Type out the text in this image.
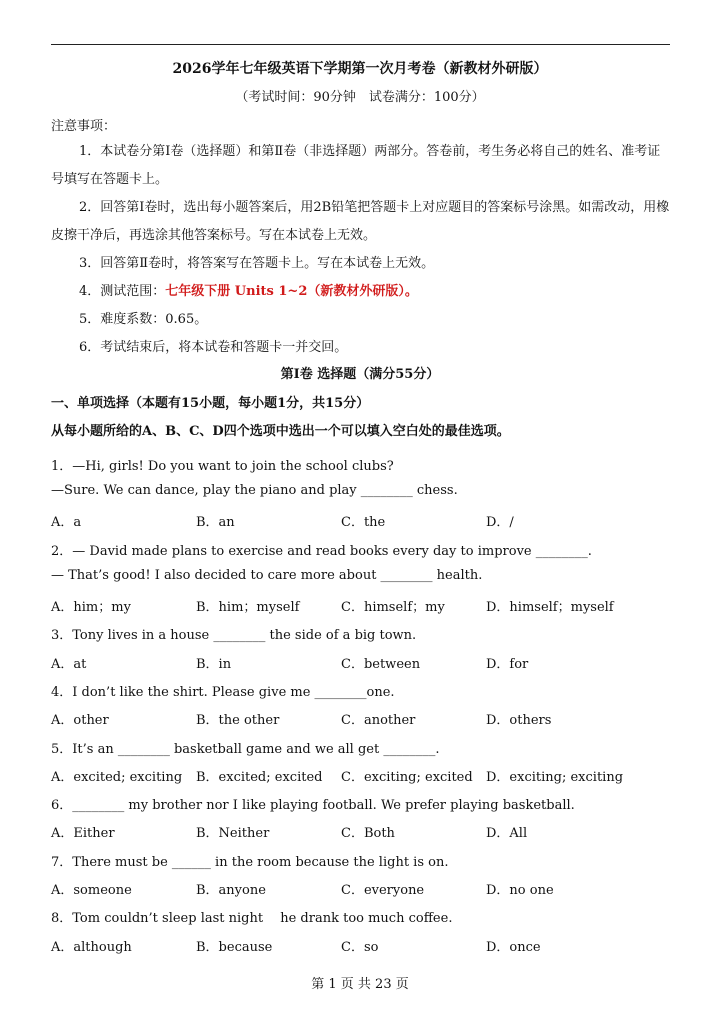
2026学年七年级英语下学期第一次月考卷（新教材外研版）
（考试时间：90分钟　试卷满分：100分）
注意事项：
1．本试卷分第Ⅰ卷（选择题）和第Ⅱ卷（非选择题）两部分。答卷前，考生务必将自己的姓名、准考证号填写在答题卡上。
2．回答第Ⅰ卷时，选出每小题答案后，用2B铅笔把答题卡上对应题目的答案标号涂黑。如需改动，用橡皮擦干净后，再选涂其他答案标号。写在本试卷上无效。
3．回答第Ⅱ卷时，将答案写在答题卡上。写在本试卷上无效。
4．测试范围：七年级下册 Units 1~2（新教材外研版）。
5．难度系数：0.65。
6．考试结束后，将本试卷和答题卡一并交回。
第Ⅰ卷 选择题（满分55分）
一、单项选择（本题有15小题，每小题1分，共15分）
从每小题所给的A、B、C、D四个选项中选出一个可以填入空白处的最佳选项。
1．—Hi, girls! Do you want to join the school clubs?
—Sure. We can dance, play the piano and play ________ chess.
A．a	B．an	C．the	D．/
2．— David made plans to exercise and read books every day to improve ________.
— That’s good! I also decided to care more about ________ health.
A．him；my	B．him；myself	C．himself；my	D．himself；myself
3．Tony lives in a house ________ the side of a big town.
A．at	B．in	C．between	D．for
4．I don’t like the shirt. Please give me ________one.
A．other	B．the other	C．another	D．others
5．It’s an ________ basketball game and we all get ________.
A．excited; exciting B．excited; excited C．exciting; excited D．exciting; exciting
6．________ my brother nor I like playing football. We prefer playing basketball.
A．Either	B．Neither	C．Both	D．All
7．There must be ______ in the room because the light is on.
A．someone	B．anyone	C．everyone	D．no one
8．Tom couldn’t sleep last night　 he drank too much coffee.
A．although	B．because	C．so	D．once
第 1 页 共 23 页
